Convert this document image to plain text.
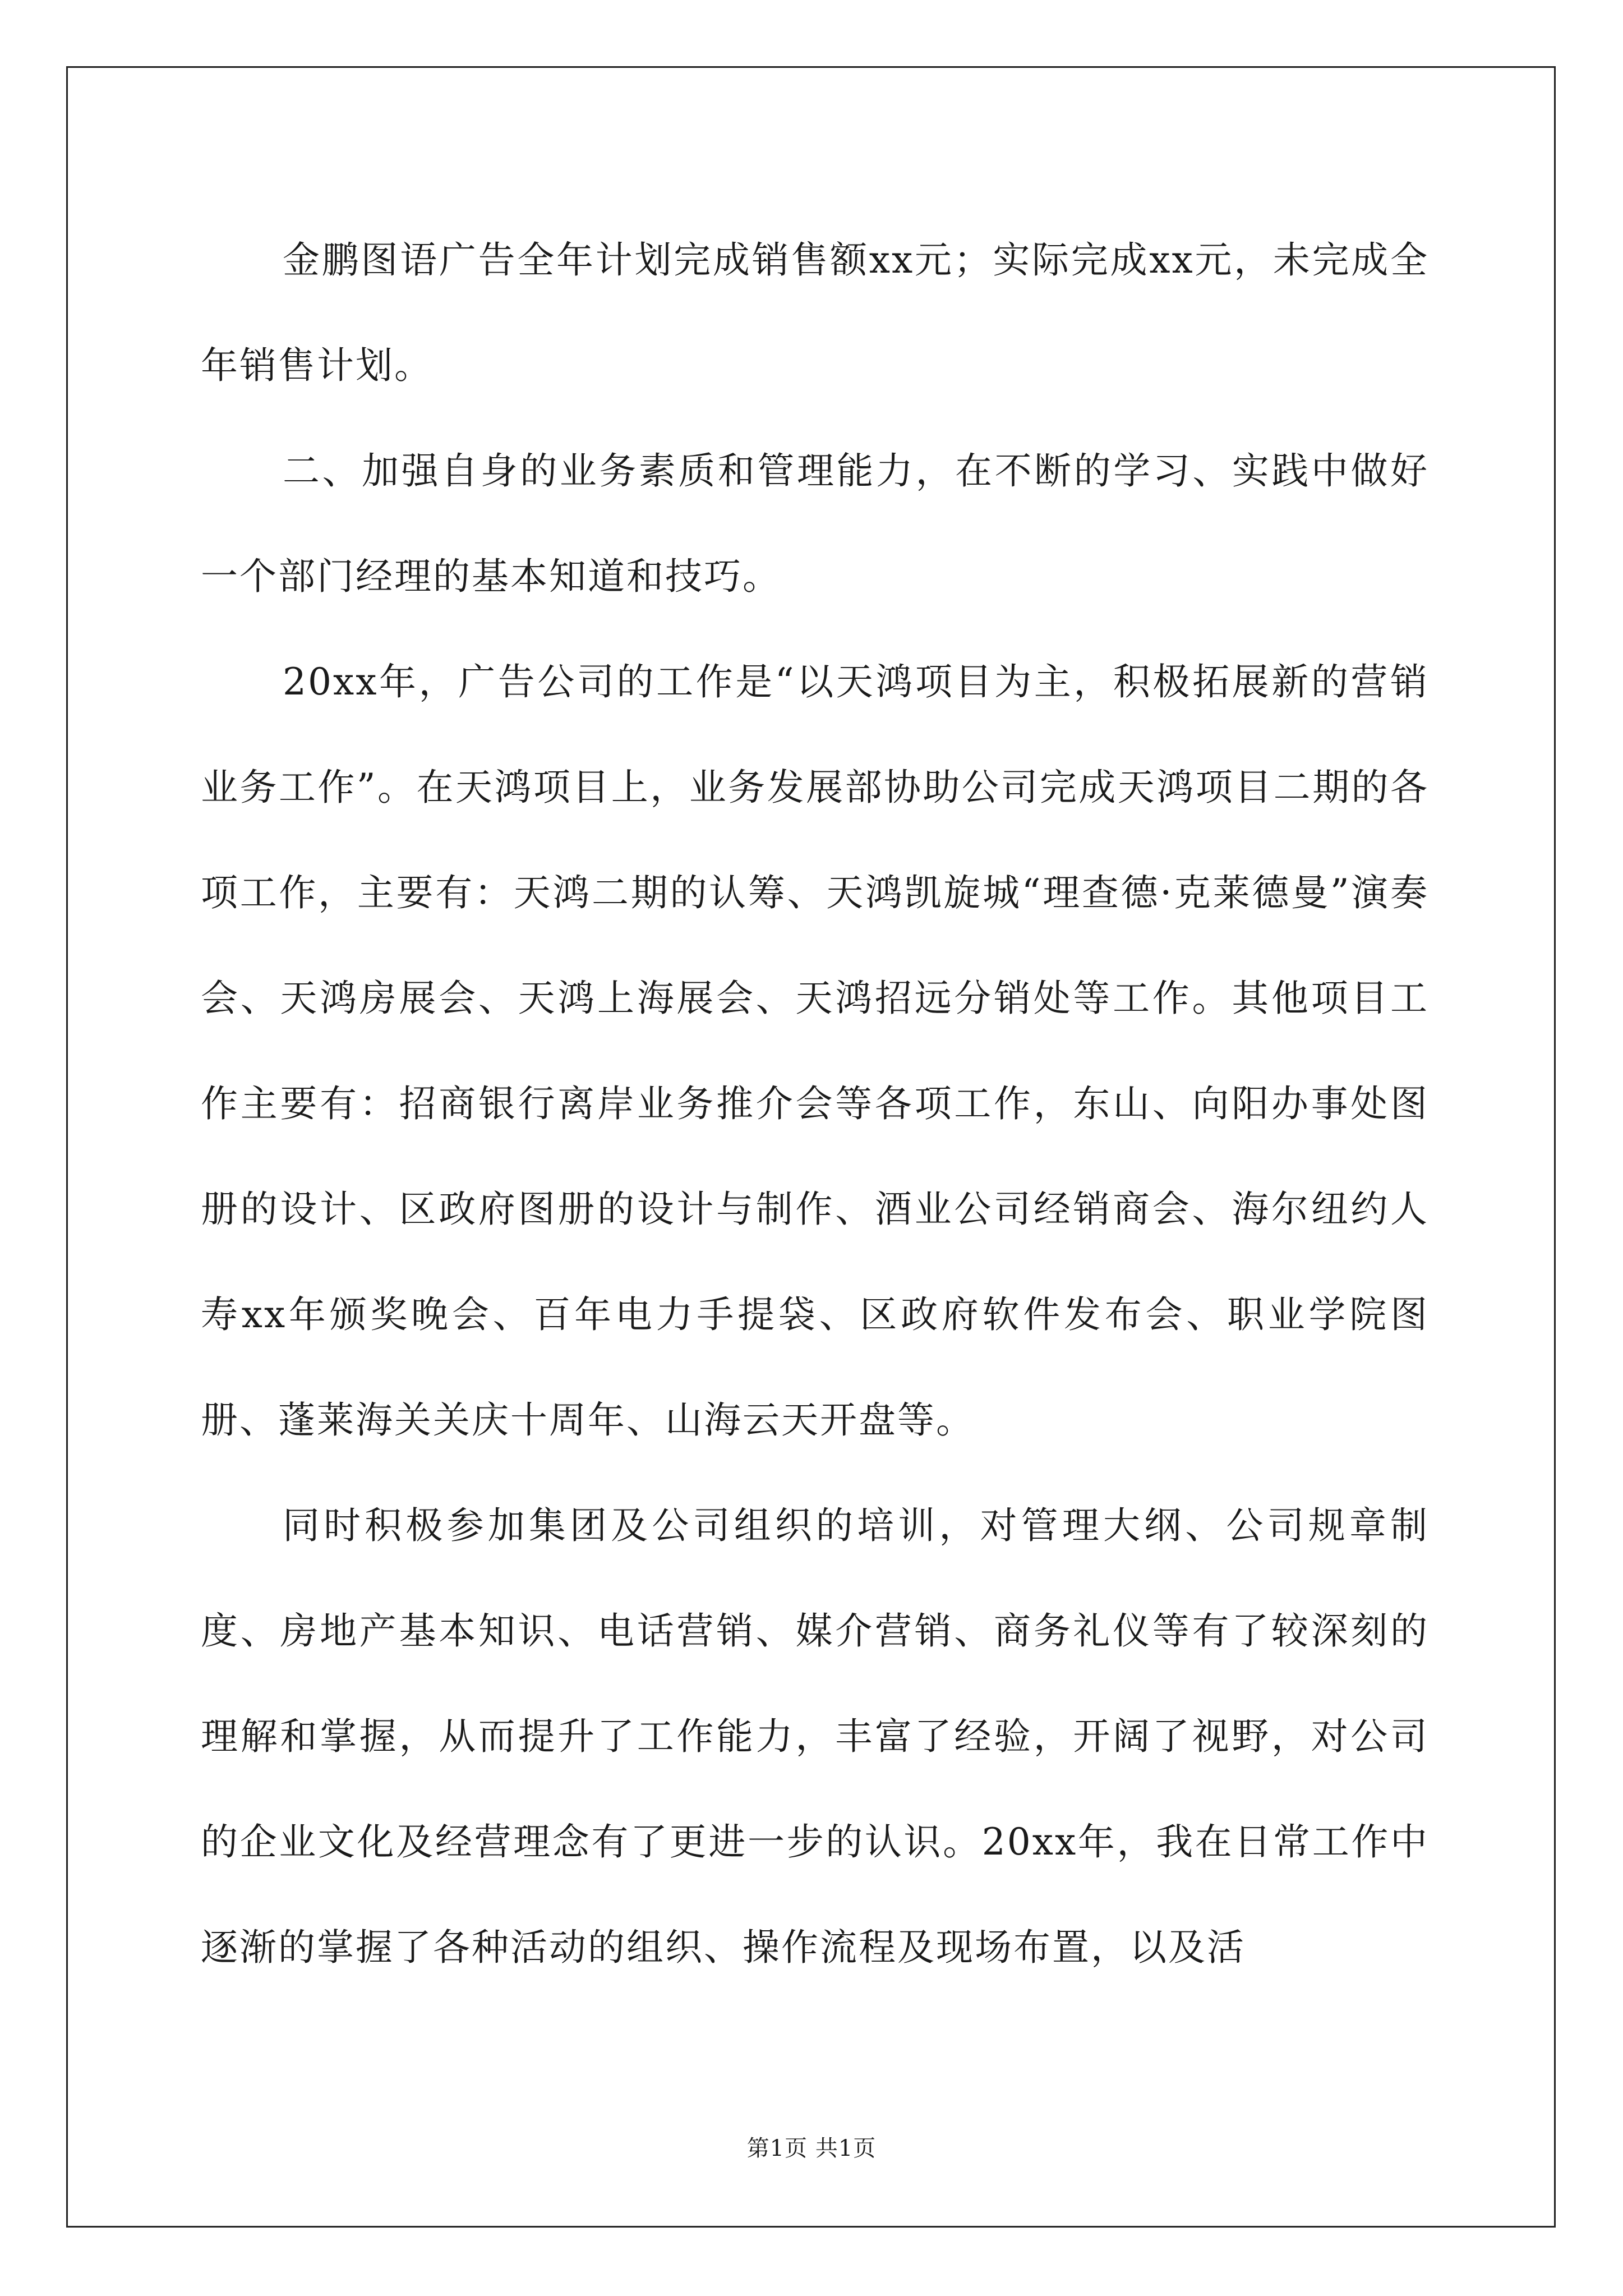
金鹏图语广告全年计划完成销售额xx元；实际完成xx元，未完成全年销售计划。

二、加强自身的业务素质和管理能力，在不断的学习、实践中做好一个部门经理的基本知道和技巧。

20xx年，广告公司的工作是“以天鸿项目为主，积极拓展新的营销业务工作”。在天鸿项目上，业务发展部协助公司完成天鸿项目二期的各项工作，主要有：天鸿二期的认筹、天鸿凯旋城“理查德·克莱德曼”演奏会、天鸿房展会、天鸿上海展会、天鸿招远分销处等工作。其他项目工作主要有：招商银行离岸业务推介会等各项工作，东山、向阳办事处图册的设计、区政府图册的设计与制作、酒业公司经销商会、海尔纽约人寿xx年颁奖晚会、百年电力手提袋、区政府软件发布会、职业学院图册、蓬莱海关关庆十周年、山海云天开盘等。

同时积极参加集团及公司组织的培训，对管理大纲、公司规章制度、房地产基本知识、电话营销、媒介营销、商务礼仪等有了较深刻的理解和掌握，从而提升了工作能力，丰富了经验，开阔了视野，对公司的企业文化及经营理念有了更进一步的认识。20xx年，我在日常工作中逐渐的掌握了各种活动的组织、操作流程及现场布置，以及活

第1页 共1页
